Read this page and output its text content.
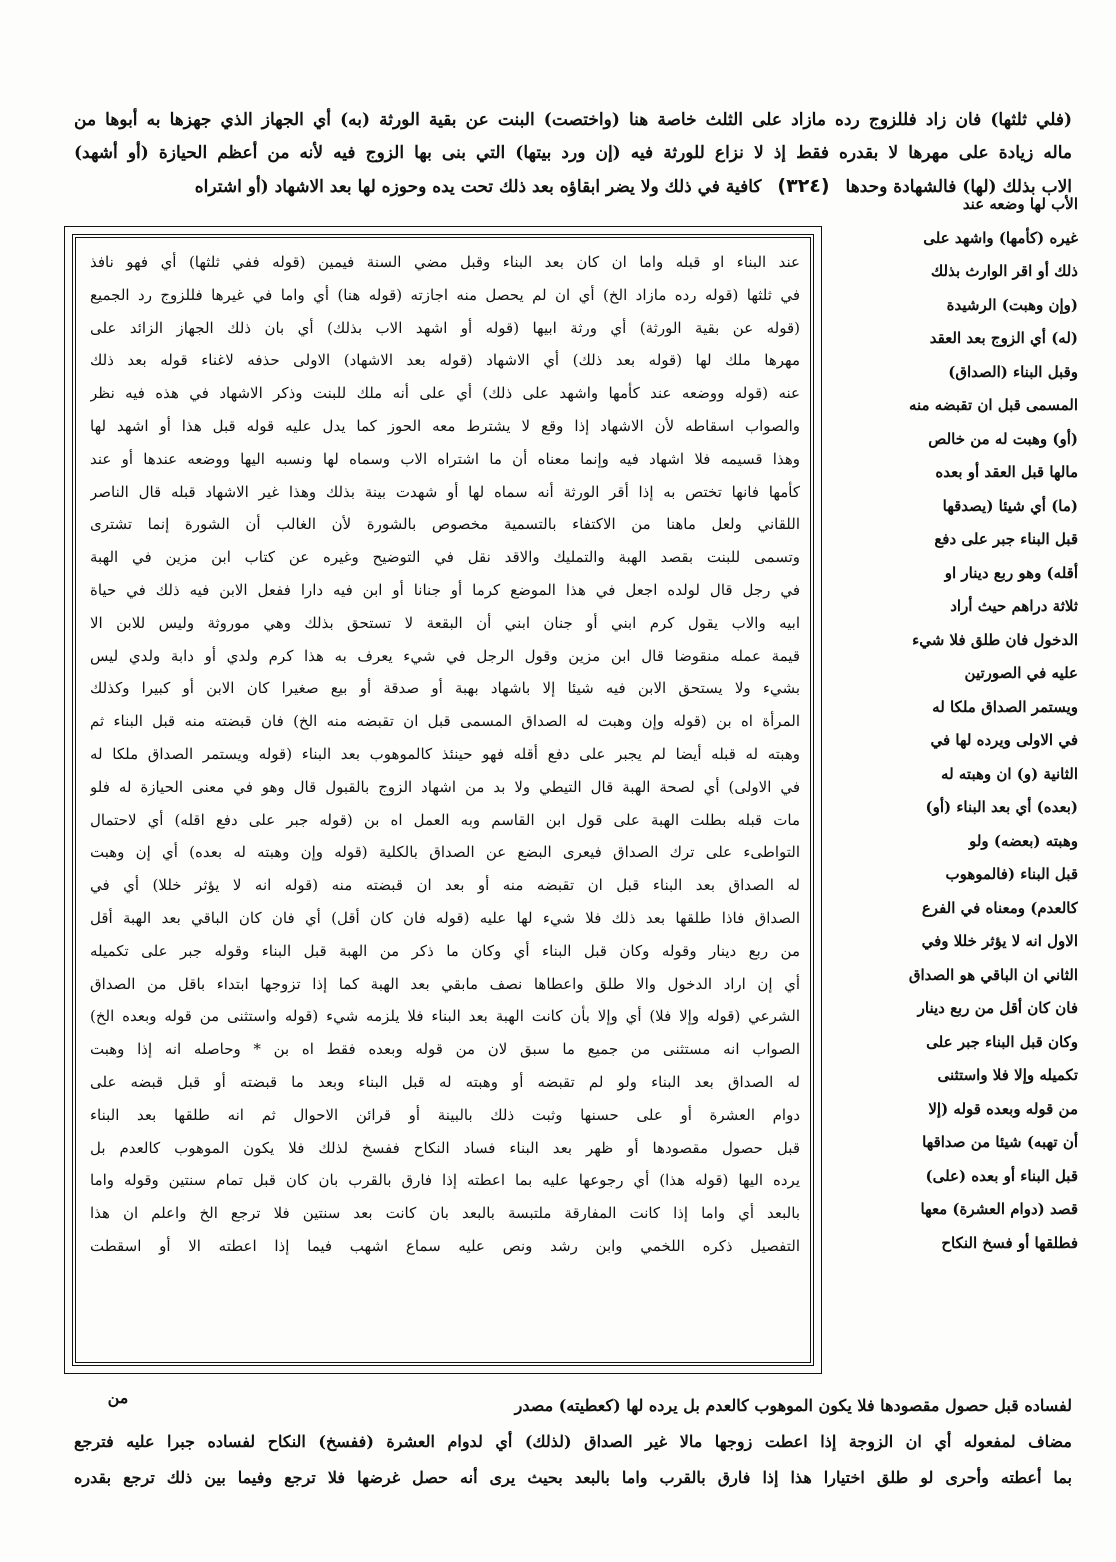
(فلي ثلثها) فان زاد فللزوج رده مازاد على الثلث خاصة هنا (واختصت) البنت عن بقية الورثة (به) أي الجهاز الذي جهزها به أبوها من
ماله زيادة على مهرها لا بقدره فقط إذ لا نزاع للورثة فيه (إن ورد بيتها) التي بنى بها الزوج فيه لأنه من أعظم الحيازة (أو أشهد)
الاب بذلك (لها) فالشهادة وحدها (٣٢٤) كافية في ذلك ولا يضر ابقاؤه بعد ذلك تحت يده وحوزه لها بعد الاشهاد (أو اشتراه
الأب لها وضعه عند
غيره (كأمها) واشهد على
ذلك أو اقر الوارث بذلك
(وإن وهبت) الرشيدة
(له) أي الزوج بعد العقد
وقبل البناء (الصداق)
المسمى قبل ان تقبضه منه
(أو) وهبت له من خالص
مالها قبل العقد أو بعده
(ما) أي شيئا (يصدقها
قبل البناء جبر على دفع
أقله) وهو ربع دينار او
ثلاثة دراهم حيث أراد
الدخول فان طلق فلا شيء
عليه في الصورتين
ويستمر الصداق ملكا له
في الاولى ويرده لها في
الثانية (و) ان وهبته له
(بعده) أي بعد البناء (أو)
وهبته (بعضه) ولو
قبل البناء (فالموهوب
كالعدم) ومعناه في الفرع
الاول انه لا يؤثر خللا وفي
الثاني ان الباقي هو الصداق
فان كان أقل من ربع دينار
وكان قبل البناء جبر على
تكميله وإلا فلا واستثنى
من قوله وبعده قوله (إلا
أن تهبه) شيئا من صداقها
قبل البناء أو بعده (على)
قصد (دوام العشرة) معها
فطلقها أو فسخ النكاح
عند البناء او قبله واما ان كان بعد البناء وقبل مضي السنة فيمين (قوله ففي ثلثها) أي فهو نافذ
في ثلثها (قوله رده مازاد الخ) أي ان لم يحصل منه اجازته (قوله هنا) أي واما في غيرها فللزوج رد الجميع
(قوله عن بقية الورثة) أي ورثة ابيها (قوله أو اشهد الاب بذلك) أي بان ذلك الجهاز الزائد على
مهرها ملك لها (قوله بعد ذلك) أي الاشهاد (قوله بعد الاشهاد) الاولى حذفه لاغناء قوله بعد ذلك
عنه (قوله ووضعه عند كأمها واشهد على ذلك) أي على أنه ملك للبنت وذكر الاشهاد في هذه فيه نظر
والصواب اسقاطه لأن الاشهاد إذا وقع لا يشترط معه الحوز كما يدل عليه قوله قبل هذا أو اشهد لها
وهذا قسيمه فلا اشهاد فيه وإنما معناه أن ما اشتراه الاب وسماه لها ونسبه اليها ووضعه عندها أو عند
كأمها فانها تختص به إذا أقر الورثة أنه سماه لها أو شهدت بينة بذلك وهذا غير الاشهاد قبله قال الناصر
اللقاني ولعل ماهنا من الاكتفاء بالتسمية مخصوص بالشورة لأن الغالب أن الشورة إنما تشترى
وتسمى للبنت بقصد الهبة والتمليك والاقد نقل في التوضيح وغيره عن كتاب ابن مزين في الهبة
في رجل قال لولده اجعل في هذا الموضع كرما أو جنانا أو ابن فيه دارا ففعل الابن فيه ذلك في حياة
ابيه والاب يقول كرم ابني أو جنان ابني أن البقعة لا تستحق بذلك وهي موروثة وليس للابن الا
قيمة عمله منقوضا قال ابن مزين وقول الرجل في شيء يعرف به هذا كرم ولدي أو دابة ولدي ليس
بشيء ولا يستحق الابن فيه شيئا إلا باشهاد بهبة أو صدقة أو بيع صغيرا كان الابن أو كبيرا وكذلك
المرأة اه بن (قوله وإن وهبت له الصداق المسمى قبل ان تقبضه منه الخ) فان قبضته منه قبل البناء ثم
وهبته له قبله أيضا لم يجبر على دفع أقله فهو حينئذ كالموهوب بعد البناء (قوله ويستمر الصداق ملكا له
في الاولى) أي لصحة الهبة قال التيطي ولا بد من اشهاد الزوج بالقبول قال وهو في معنى الحيازة له فلو
مات قبله بطلت الهبة على قول ابن القاسم وبه العمل اه بن (قوله جبر على دفع اقله) أي لاحتمال
التواطىء على ترك الصداق فيعرى البضع عن الصداق بالكلية (قوله وإن وهبته له بعده) أي إن وهبت
له الصداق بعد البناء قبل ان تقبضه منه أو بعد ان قبضته منه (قوله انه لا يؤثر خللا) أي في
الصداق فاذا طلقها بعد ذلك فلا شيء لها عليه (قوله فان كان أقل) أي فان كان الباقي بعد الهبة أقل
من ربع دينار وقوله وكان قبل البناء أي وكان ما ذكر من الهبة قبل البناء وقوله جبر على تكميله
أي إن اراد الدخول والا طلق واعطاها نصف مابقي بعد الهبة كما إذا تزوجها ابتداء باقل من الصداق
الشرعي (قوله وإلا فلا) أي وإلا بأن كانت الهبة بعد البناء فلا يلزمه شيء (قوله واستثنى من قوله وبعده الخ)
الصواب انه مستثنى من جميع ما سبق لان من قوله وبعده فقط اه بن * وحاصله انه إذا وهبت
له الصداق بعد البناء ولو لم تقبضه أو وهبته له قبل البناء وبعد ما قبضته أو قبل قبضه على
دوام العشرة أو على حسنها وثبت ذلك بالبينة أو قرائن الاحوال ثم انه طلقها بعد البناء
قبل حصول مقصودها أو ظهر بعد البناء فساد النكاح ففسخ لذلك فلا يكون الموهوب كالعدم بل
يرده اليها (قوله هذا) أي رجوعها عليه بما اعطته إذا فارق بالقرب بان كان قبل تمام سنتين وقوله واما
بالبعد أي واما إذا كانت المفارقة ملتبسة بالبعد بان كانت بعد سنتين فلا ترجع الخ واعلم ان هذا
التفصيل ذكره اللخمي وابن رشد ونص عليه سماع اشهب فيما إذا اعطته الا أو اسقطت
من	لفساده قبل حصول مقصودها فلا يكون الموهوب كالعدم بل يرده لها (كعطيته) مصدر
مضاف لمفعوله أي ان الزوجة إذا اعطت زوجها مالا غير الصداق (لذلك) أي لدوام العشرة (ففسخ) النكاح لفساده جبرا عليه فترجع
بما أعطته وأحرى لو طلق اختيارا هذا إذا فارق بالقرب واما بالبعد بحيث يرى أنه حصل غرضها فلا ترجع وفيما بين ذلك ترجع بقدره
